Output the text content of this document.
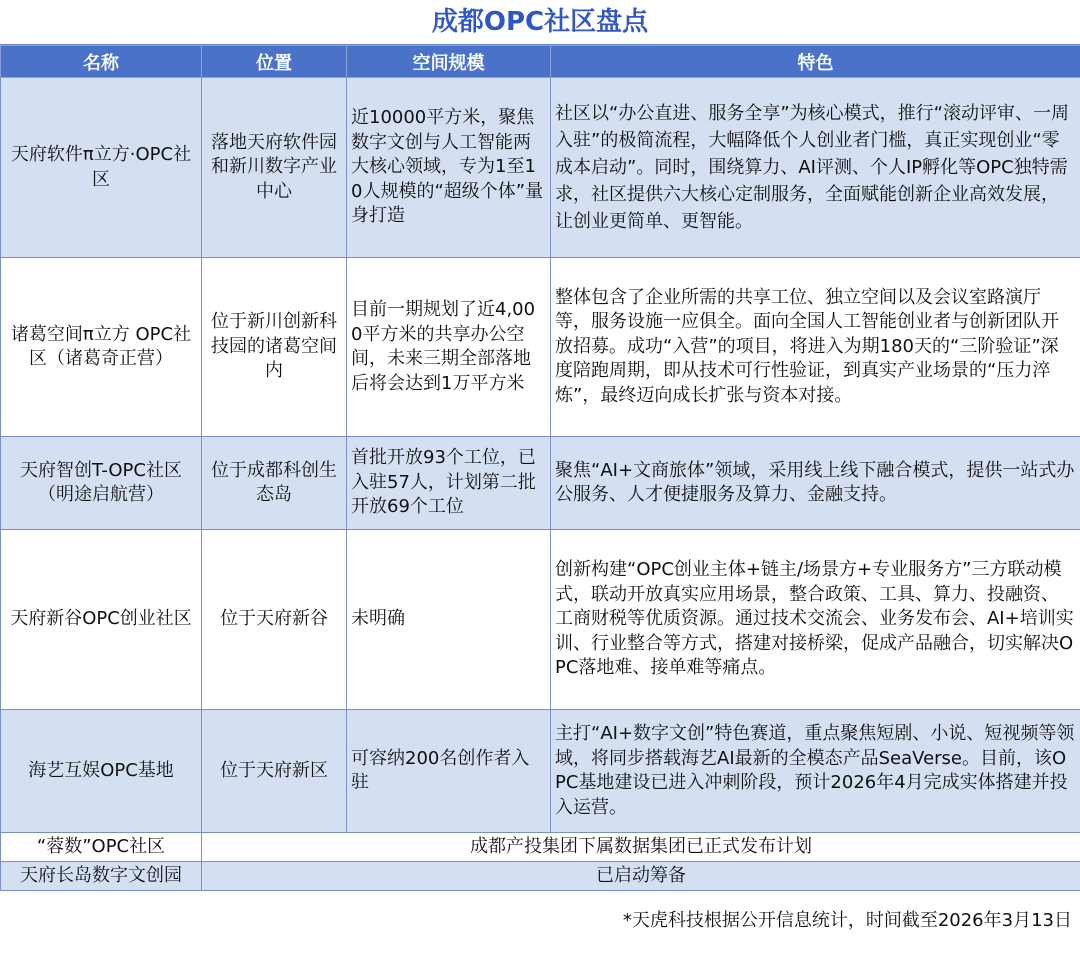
成都OPC社区盘点
名称	位置	空间规模	特色
天府软件π立方·OPC社区	落地天府软件园和新川数字产业中心	近10000平方米，聚焦数字文创与人工智能两大核心领域，专为1至10人规模的“超级个体”量身打造	社区以“办公直进、服务全享”为核心模式，推行“滚动评审、一周入驻”的极简流程，大幅降低个人创业者门槛，真正实现创业“零成本启动”。同时，围绕算力、AI评测、个人IP孵化等OPC独特需求，社区提供六大核心定制服务，全面赋能创新企业高效发展，让创业更简单、更智能。
诸葛空间π立方 OPC社区（诸葛奇正营）	位于新川创新科技园的诸葛空间内	目前一期规划了近4,000平方米的共享办公空间，未来三期全部落地后将会达到1万平方米	整体包含了企业所需的共享工位、独立空间以及会议室路演厅等，服务设施一应俱全。面向全国人工智能创业者与创新团队开放招募。成功“入营”的项目，将进入为期180天的“三阶验证”深度陪跑周期，即从技术可行性验证，到真实产业场景的“压力淬炼”，最终迈向成长扩张与资本对接。
天府智创T-OPC社区（明途启航营）	位于成都科创生态岛	首批开放93个工位，已入驻57人，计划第二批开放69个工位	聚焦“AI+文商旅体”领域，采用线上线下融合模式，提供一站式办公服务、人才便捷服务及算力、金融支持。
天府新谷OPC创业社区	位于天府新谷	未明确	创新构建“OPC创业主体+链主/场景方+专业服务方”三方联动模式，联动开放真实应用场景，整合政策、工具、算力、投融资、工商财税等优质资源。通过技术交流会、业务发布会、AI+培训实训、行业整合等方式，搭建对接桥梁，促成产品融合，切实解决OPC落地难、接单难等痛点。
海艺互娱OPC基地	位于天府新区	可容纳200名创作者入驻	主打“AI+数字文创”特色赛道，重点聚焦短剧、小说、短视频等领域，将同步搭载海艺AI最新的全模态产品SeaVerse。目前，该OPC基地建设已进入冲刺阶段，预计2026年4月完成实体搭建并投入运营。
“蓉数”OPC社区	成都产投集团下属数据集团已正式发布计划		
天府长岛数字文创园	已启动筹备		
*天虎科技根据公开信息统计，时间截至2026年3月13日
